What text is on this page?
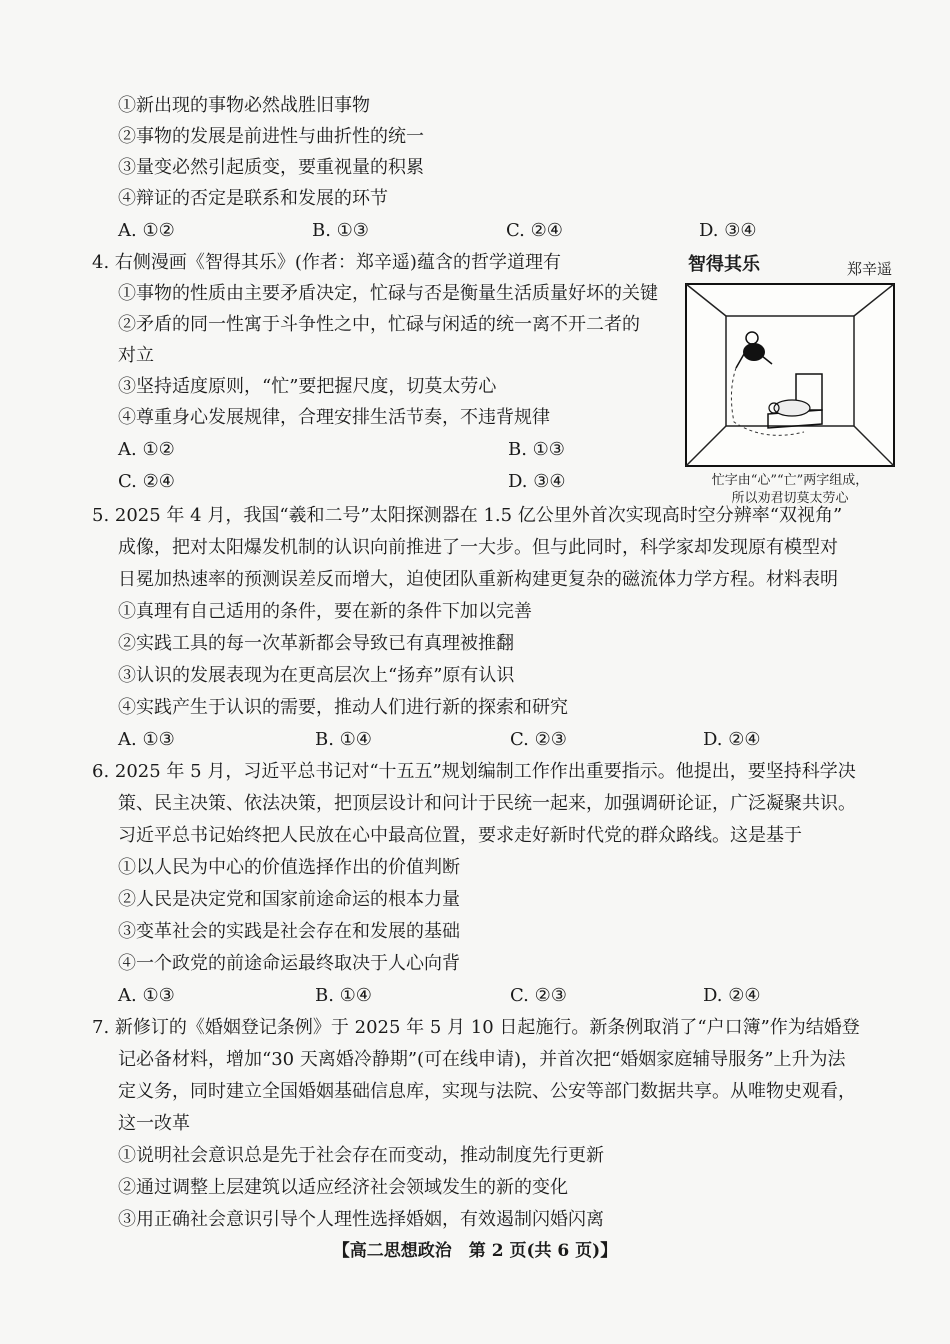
①新出现的事物必然战胜旧事物
②事物的发展是前进性与曲折性的统一
③量变必然引起质变，要重视量的积累
④辩证的否定是联系和发展的环节
A. ①②	B. ①③	C. ②④	D. ③④
4. 右侧漫画《智得其乐》(作者：郑辛遥)蕴含的哲学道理有
①事物的性质由主要矛盾决定，忙碌与否是衡量生活质量好坏的关键
②矛盾的同一性寓于斗争性之中，忙碌与闲适的统一离不开二者的
对立
③坚持适度原则，“忙”要把握尺度，切莫太劳心
④尊重身心发展规律，合理安排生活节奏，不违背规律
A. ①②	B. ①③
C. ②④	D. ③④
智得其乐	郑辛遥
忙字由“心”“亡”两字组成，
所以劝君切莫太劳心
5. 2025 年 4 月，我国“羲和二号”太阳探测器在 1.5 亿公里外首次实现高时空分辨率“双视角”
成像，把对太阳爆发机制的认识向前推进了一大步。但与此同时，科学家却发现原有模型对
日冕加热速率的预测误差反而增大，迫使团队重新构建更复杂的磁流体力学方程。材料表明
①真理有自己适用的条件，要在新的条件下加以完善
②实践工具的每一次革新都会导致已有真理被推翻
③认识的发展表现为在更高层次上“扬弃”原有认识
④实践产生于认识的需要，推动人们进行新的探索和研究
A. ①③	B. ①④	C. ②③	D. ②④
6. 2025 年 5 月，习近平总书记对“十五五”规划编制工作作出重要指示。他提出，要坚持科学决
策、民主决策、依法决策，把顶层设计和问计于民统一起来，加强调研论证，广泛凝聚共识。
习近平总书记始终把人民放在心中最高位置，要求走好新时代党的群众路线。这是基于
①以人民为中心的价值选择作出的价值判断
②人民是决定党和国家前途命运的根本力量
③变革社会的实践是社会存在和发展的基础
④一个政党的前途命运最终取决于人心向背
A. ①③	B. ①④	C. ②③	D. ②④
7. 新修订的《婚姻登记条例》于 2025 年 5 月 10 日起施行。新条例取消了“户口簿”作为结婚登
记必备材料，增加“30 天离婚冷静期”(可在线申请)，并首次把“婚姻家庭辅导服务”上升为法
定义务，同时建立全国婚姻基础信息库，实现与法院、公安等部门数据共享。从唯物史观看，
这一改革
①说明社会意识总是先于社会存在而变动，推动制度先行更新
②通过调整上层建筑以适应经济社会领域发生的新的变化
③用正确社会意识引导个人理性选择婚姻，有效遏制闪婚闪离
【高二思想政治　第 2 页(共 6 页)】
